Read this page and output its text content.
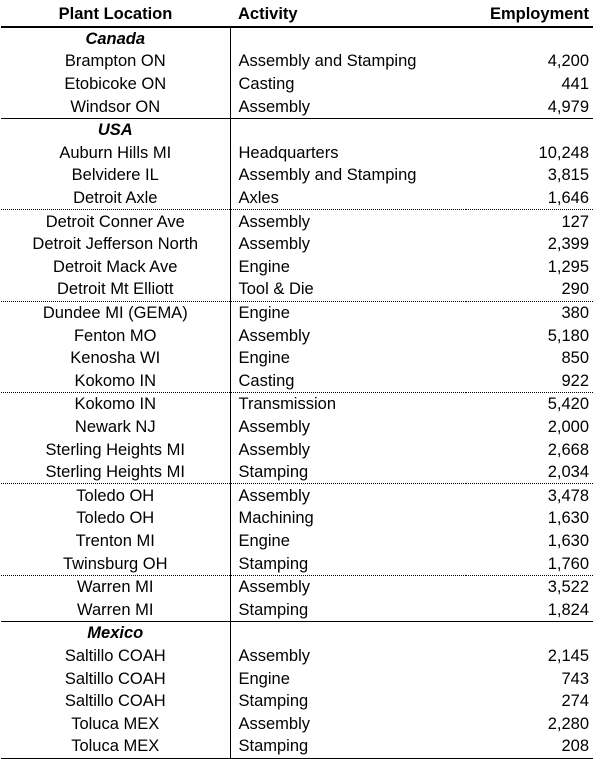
Plant Location	Activity	Employment
Canada		
Brampton ON	Assembly and Stamping	4,200
Etobicoke ON	Casting	441
Windsor ON	Assembly	4,979
USA		
Auburn Hills MI	Headquarters	10,248
Belvidere IL	Assembly and Stamping	3,815
Detroit Axle	Axles	1,646
Detroit Conner Ave	Assembly	127
Detroit Jefferson North	Assembly	2,399
Detroit Mack Ave	Engine	1,295
Detroit Mt Elliott	Tool & Die	290
Dundee MI (GEMA)	Engine	380
Fenton MO	Assembly	5,180
Kenosha WI	Engine	850
Kokomo IN	Casting	922
Kokomo IN	Transmission	5,420
Newark NJ	Assembly	2,000
Sterling Heights MI	Assembly	2,668
Sterling Heights MI	Stamping	2,034
Toledo OH	Assembly	3,478
Toledo OH	Machining	1,630
Trenton MI	Engine	1,630
Twinsburg OH	Stamping	1,760
Warren MI	Assembly	3,522
Warren MI	Stamping	1,824
Mexico		
Saltillo COAH	Assembly	2,145
Saltillo COAH	Engine	743
Saltillo COAH	Stamping	274
Toluca MEX	Assembly	2,280
Toluca MEX	Stamping	208
